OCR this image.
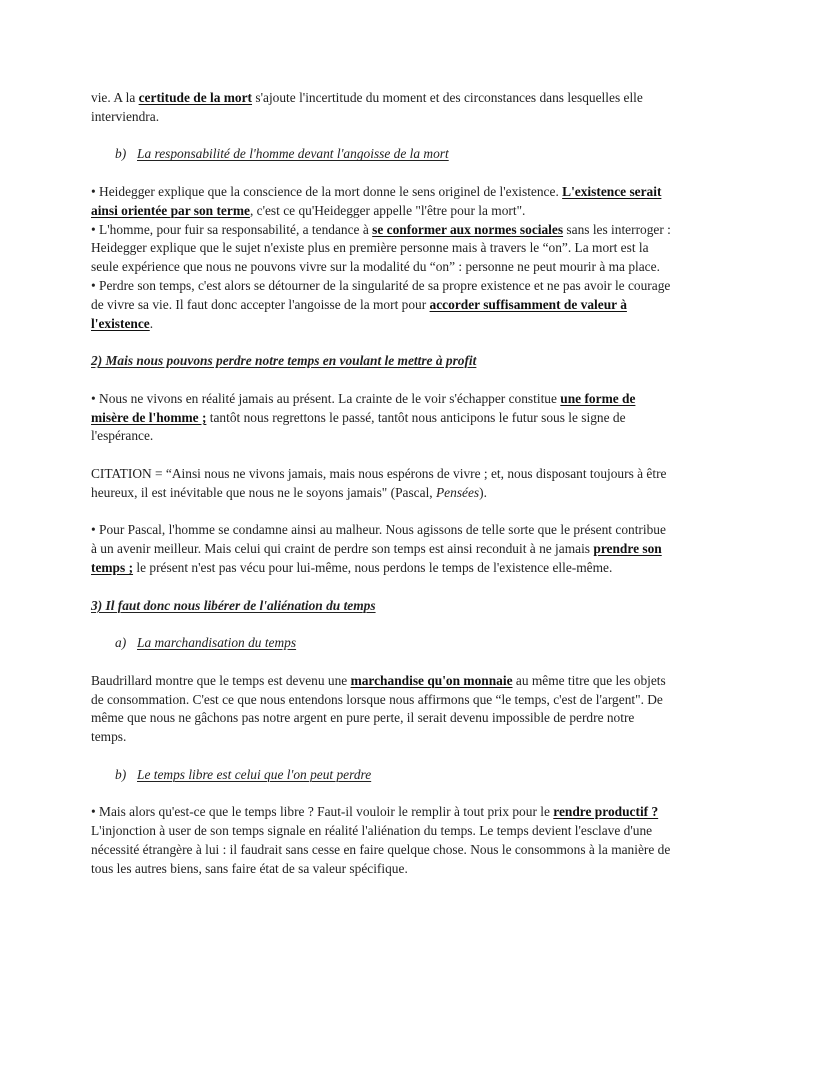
vie. A la certitude de la mort s'ajoute l'incertitude du moment et des circonstances dans lesquelles elle interviendra.

b) La responsabilité de l'homme devant l'angoisse de la mort

• Heidegger explique que la conscience de la mort donne le sens originel de l'existence. L'existence serait ainsi orientée par son terme, c'est ce qu'Heidegger appelle "l'être pour la mort".

• L'homme, pour fuir sa responsabilité, a tendance à se conformer aux normes sociales sans les interroger : Heidegger explique que le sujet n'existe plus en première personne mais à travers le “on”. La mort est la seule expérience que nous ne pouvons vivre sur la modalité du “on” : personne ne peut mourir à ma place.

• Perdre son temps, c'est alors se détourner de la singularité de sa propre existence et ne pas avoir le courage de vivre sa vie. Il faut donc accepter l'angoisse de la mort pour accorder suffisamment de valeur à l'existence.

2) Mais nous pouvons perdre notre temps en voulant le mettre à profit

• Nous ne vivons en réalité jamais au présent. La crainte de le voir s'échapper constitue une forme de misère de l'homme ; tantôt nous regrettons le passé, tantôt nous anticipons le futur sous le signe de l'espérance.

CITATION = “Ainsi nous ne vivons jamais, mais nous espérons de vivre ; et, nous disposant toujours à être heureux, il est inévitable que nous ne le soyons jamais" (Pascal, Pensées).

• Pour Pascal, l'homme se condamne ainsi au malheur. Nous agissons de telle sorte que le présent contribue à un avenir meilleur. Mais celui qui craint de perdre son temps est ainsi reconduit à ne jamais prendre son temps ; le présent n'est pas vécu pour lui-même, nous perdons le temps de l'existence elle-même.

3) Il faut donc nous libérer de l'aliénation du temps

a) La marchandisation du temps

Baudrillard montre que le temps est devenu une marchandise qu'on monnaie au même titre que les objets de consommation. C'est ce que nous entendons lorsque nous affirmons que “le temps, c'est de l'argent". De même que nous ne gâchons pas notre argent en pure perte, il serait devenu impossible de perdre notre temps.

b) Le temps libre est celui que l'on peut perdre

• Mais alors qu'est-ce que le temps libre ? Faut-il vouloir le remplir à tout prix pour le rendre productif ? L'injonction à user de son temps signale en réalité l'aliénation du temps. Le temps devient l'esclave d'une nécessité étrangère à lui : il faudrait sans cesse en faire quelque chose. Nous le consommons à la manière de tous les autres biens, sans faire état de sa valeur spécifique.
